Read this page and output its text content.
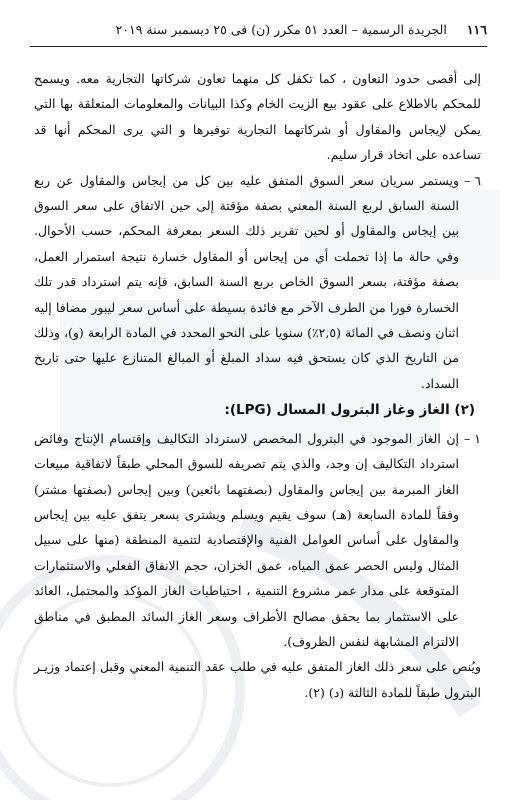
١١٦
الجريدة الرسمية – العدد ٥١ مكرر (ن) فى ٢٥ ديسمبر سنة ٢٠١٩

إلى أقصى حدود التعاون ، كما تكفل كل منهما تعاون شركاتها التجارية معه. ويسمح للمحكم بالاطلاع على عقود بيع الزيت الخام وكذا البيانات والمعلومات المتعلقة بها التي يمكن لإيجاس والمقاول أو شركاتهما التجارية توفيرها و التي يرى المحكم أنها قد تساعده على اتخاذ قرار سليم.

٦ –
ويستمر سريان سعر السوق المتفق عليه بين كل من إيجاس والمقاول عن ربع السنة السابق لربع السنة المعني بصفة مؤقتة إلى حين الاتفاق على سعر السوق بين إيجاس والمقاول أو لحين تقرير ذلك السعر بمعرفة المحكم، حسب الأحوال. وفي حالة ما إذا تحملت أي من إيجاس أو المقاول خسارة نتيجة استمرار العمل، بصفة مؤقتة، بسعر السوق الخاص بربع السنة السابق، فإنه يتم استرداد قدر تلك الخسارة فورا من الطرف الآخر مع فائدة بسيطة على أساس سعر ليبور مضافا إليه اثنان ونصف في المائة (٢,٥٪) سنويا على النحو المحدد في المادة الرابعة (و)، وذلك من التاريخ الذي كان يستحق فيه سداد المبلغ أو المبالغ المتنازع عليها حتى تاريخ السداد.
(٢) الغاز وغاز البترول المسال (LPG):
١ –
إن الغاز الموجود في البترول المخصص لاسترداد التكاليف وإقتسام الإنتاج وفائض استرداد التكاليف إن وجد، والذي يتم تصريفه للسوق المحلي طبقاً لاتفاقية مبيعات الغاز المبرمة بين إيجاس والمقاول (بصفتهما بائعين) وبين إيجاس (بصفتها مشتر) وفقاً للمادة السابعة (هـ) سوف يقيم ويسلم ويشترى بسعر يتفق عليه بين إيجاس والمقاول على أساس العوامل الفنية والإقتصادية لتنمية المنطقة (منها على سبيل المثال وليس الحصر عمق المياه، عمق الخزان، حجم الانفاق الفعلي والاستثمارات المتوقعة على مدار عمر مشروع التنمية ، احتياطيات الغاز المؤكد والمحتمل، العائد على الاستثمار بما يحقق مصالح الأطراف وسعر الغاز السائد المطبق في مناطق الالتزام المشابهة لنفس الظروف).

ويُنص على سعر ذلك الغاز المتفق عليه في طلب عقد التنمية المعني وقبل إعتماد وزيـر البترول طبقاً للمادة الثالثة (د) (٢).
